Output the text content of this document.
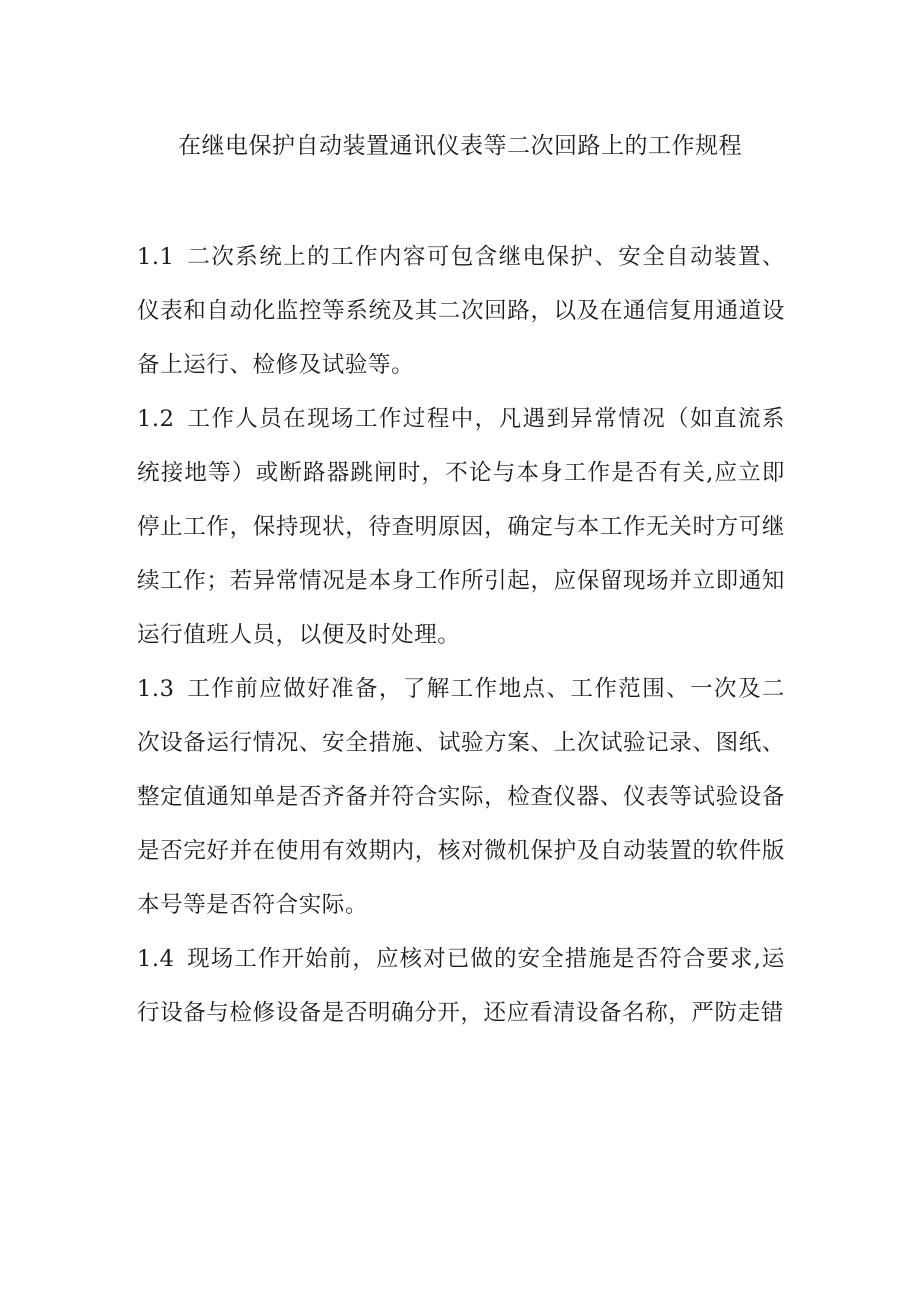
在继电保护自动装置通讯仪表等二次回路上的工作规程

1.1 二次系统上的工作内容可包含继电保护、安全自动装置、仪表和自动化监控等系统及其二次回路，以及在通信复用通道设备上运行、检修及试验等。

1.2 工作人员在现场工作过程中，凡遇到异常情况（如直流系统接地等）或断路器跳闸时，不论与本身工作是否有关,应立即停止工作，保持现状，待查明原因，确定与本工作无关时方可继续工作；若异常情况是本身工作所引起，应保留现场并立即通知运行值班人员，以便及时处理。

1.3 工作前应做好准备，了解工作地点、工作范围、一次及二次设备运行情况、安全措施、试验方案、上次试验记录、图纸、整定值通知单是否齐备并符合实际，检查仪器、仪表等试验设备是否完好并在使用有效期内，核对微机保护及自动装置的软件版本号等是否符合实际。

1.4 现场工作开始前，应核对已做的安全措施是否符合要求,运行设备与检修设备是否明确分开，还应看清设备名称，严防走错
